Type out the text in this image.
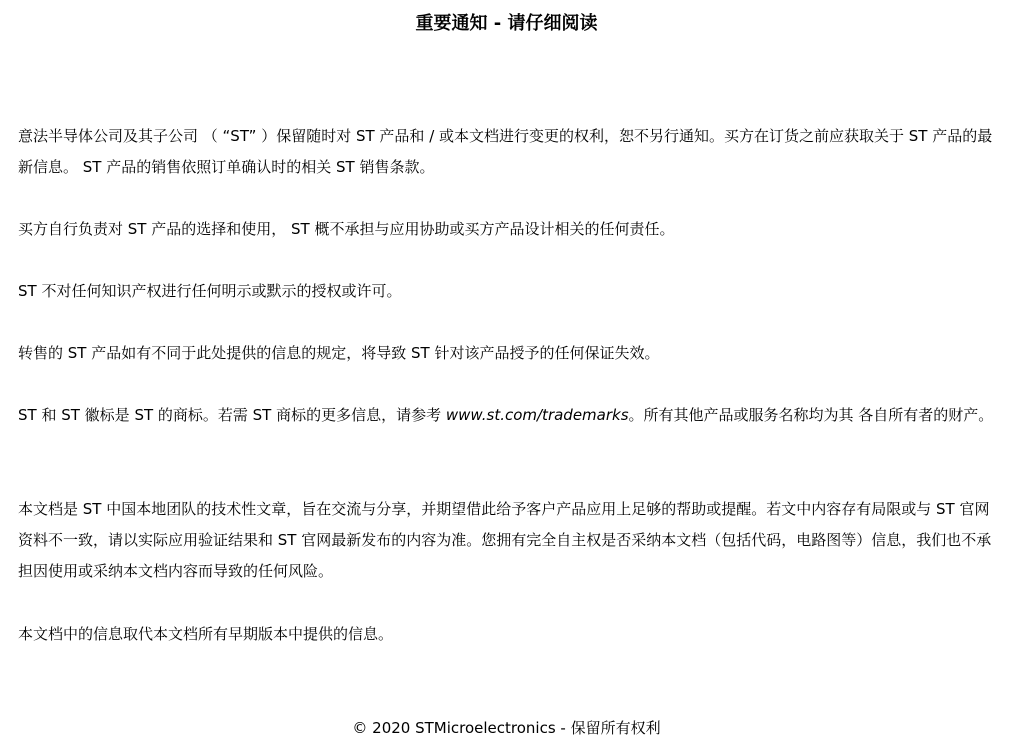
重要通知 - 请仔细阅读

意法半导体公司及其子公司 （ “ST” ）保留随时对 ST 产品和 / 或本文档进行变更的权利，恕不另行通知。买方在订货之前应获取关于 ST 产品的最新信息。 ST 产品的销售依照订单确认时的相关 ST 销售条款。

买方自行负责对 ST 产品的选择和使用， ST 概不承担与应用协助或买方产品设计相关的任何责任。

ST 不对任何知识产权进行任何明示或默示的授权或许可。

转售的 ST 产品如有不同于此处提供的信息的规定，将导致 ST 针对该产品授予的任何保证失效。

ST 和 ST 徽标是 ST 的商标。若需 ST 商标的更多信息，请参考 www.st.com/trademarks。所有其他产品或服务名称均为其 各自所有者的财产。

本文档是 ST 中国本地团队的技术性文章，旨在交流与分享，并期望借此给予客户产品应用上足够的帮助或提醒。若文中内容存有局限或与 ST 官网资料不一致，请以实际应用验证结果和 ST 官网最新发布的内容为准。您拥有完全自主权是否采纳本文档（包括代码，电路图等）信息，我们也不承担因使用或采纳本文档内容而导致的任何风险。

本文档中的信息取代本文档所有早期版本中提供的信息。

© 2020 STMicroelectronics - 保留所有权利
